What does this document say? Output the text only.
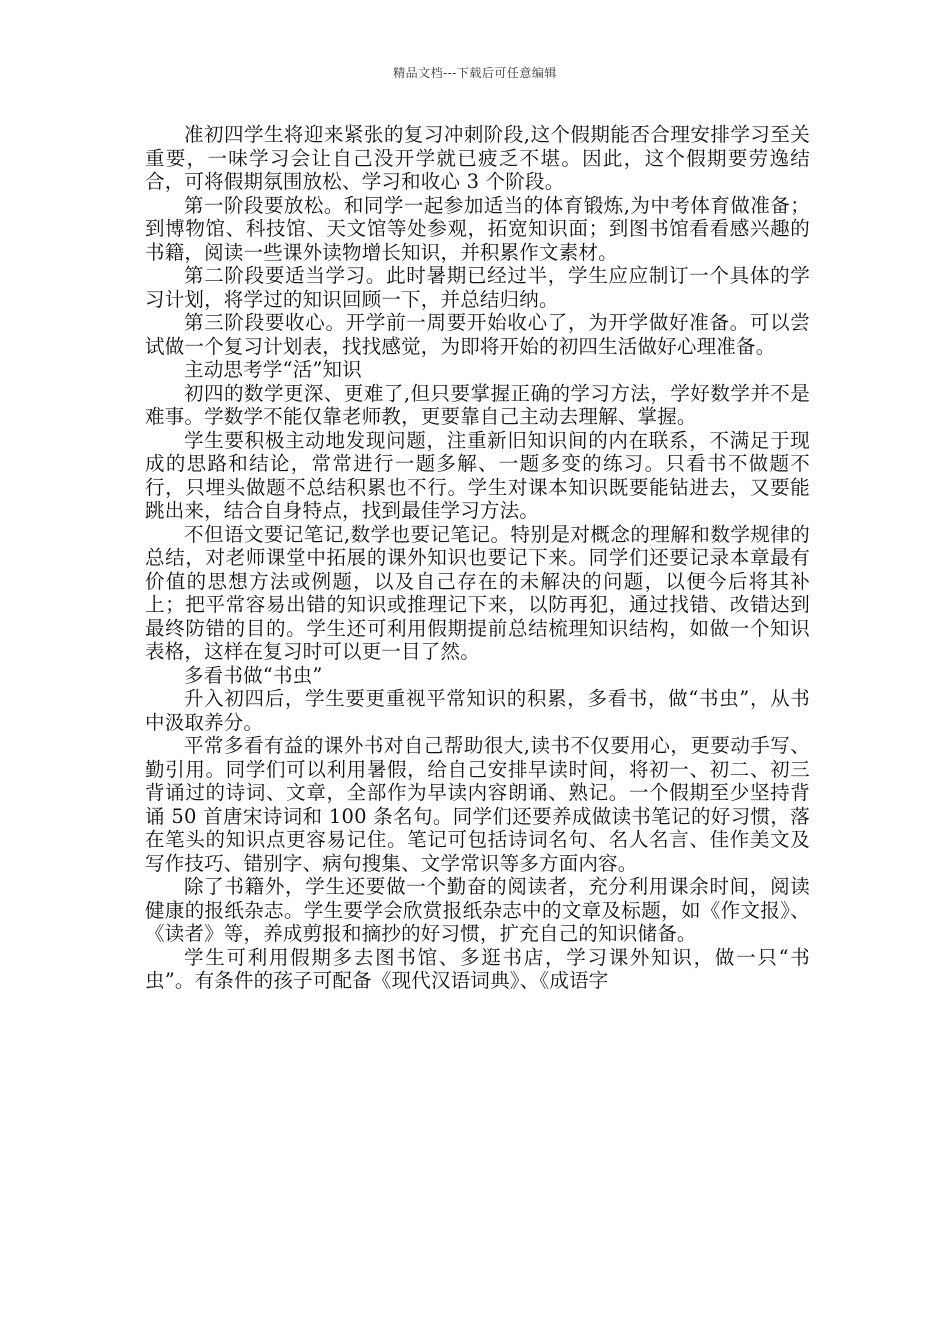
精品文档---下载后可任意编辑

准初四学生将迎来紧张的复习冲刺阶段,这个假期能否合理安排学习至关重要，一味学习会让自己没开学就已疲乏不堪。因此，这个假期要劳逸结合，可将假期氛围放松、学习和收心 3 个阶段。

第一阶段要放松。和同学一起参加适当的体育锻炼,为中考体育做准备；到博物馆、科技馆、天文馆等处参观，拓宽知识面；到图书馆看看感兴趣的书籍，阅读一些课外读物增长知识，并积累作文素材。

第二阶段要适当学习。此时暑期已经过半，学生应应制订一个具体的学习计划，将学过的知识回顾一下，并总结归纳。

第三阶段要收心。开学前一周要开始收心了，为开学做好准备。可以尝试做一个复习计划表，找找感觉，为即将开始的初四生活做好心理准备。

主动思考学“活”知识

初四的数学更深、更难了,但只要掌握正确的学习方法，学好数学并不是难事。学数学不能仅靠老师教，更要靠自己主动去理解、掌握。

学生要积极主动地发现问题，注重新旧知识间的内在联系，不满足于现成的思路和结论，常常进行一题多解、一题多变的练习。只看书不做题不行，只埋头做题不总结积累也不行。学生对课本知识既要能钻进去，又要能跳出来，结合自身特点，找到最佳学习方法。

不但语文要记笔记,数学也要记笔记。特别是对概念的理解和数学规律的总结，对老师课堂中拓展的课外知识也要记下来。同学们还要记录本章最有价值的思想方法或例题，以及自己存在的未解决的问题，以便今后将其补上；把平常容易出错的知识或推理记下来，以防再犯，通过找错、改错达到最终防错的目的。学生还可利用假期提前总结梳理知识结构，如做一个知识表格，这样在复习时可以更一目了然。

多看书做“书虫”

升入初四后，学生要更重视平常知识的积累，多看书，做“书虫”，从书中汲取养分。

平常多看有益的课外书对自己帮助很大,读书不仅要用心，更要动手写、勤引用。同学们可以利用暑假，给自己安排早读时间，将初一、初二、初三背诵过的诗词、文章，全部作为早读内容朗诵、熟记。一个假期至少坚持背诵 50 首唐宋诗词和 100 条名句。同学们还要养成做读书笔记的好习惯，落在笔头的知识点更容易记住。笔记可包括诗词名句、名人名言、佳作美文及写作技巧、错别字、病句搜集、文学常识等多方面内容。

除了书籍外，学生还要做一个勤奋的阅读者，充分利用课余时间，阅读健康的报纸杂志。学生要学会欣赏报纸杂志中的文章及标题，如《作文报》、《读者》等，养成剪报和摘抄的好习惯，扩充自己的知识储备。

学生可利用假期多去图书馆、多逛书店，学习课外知识，做一只“书虫”。有条件的孩子可配备《现代汉语词典》、《成语字
